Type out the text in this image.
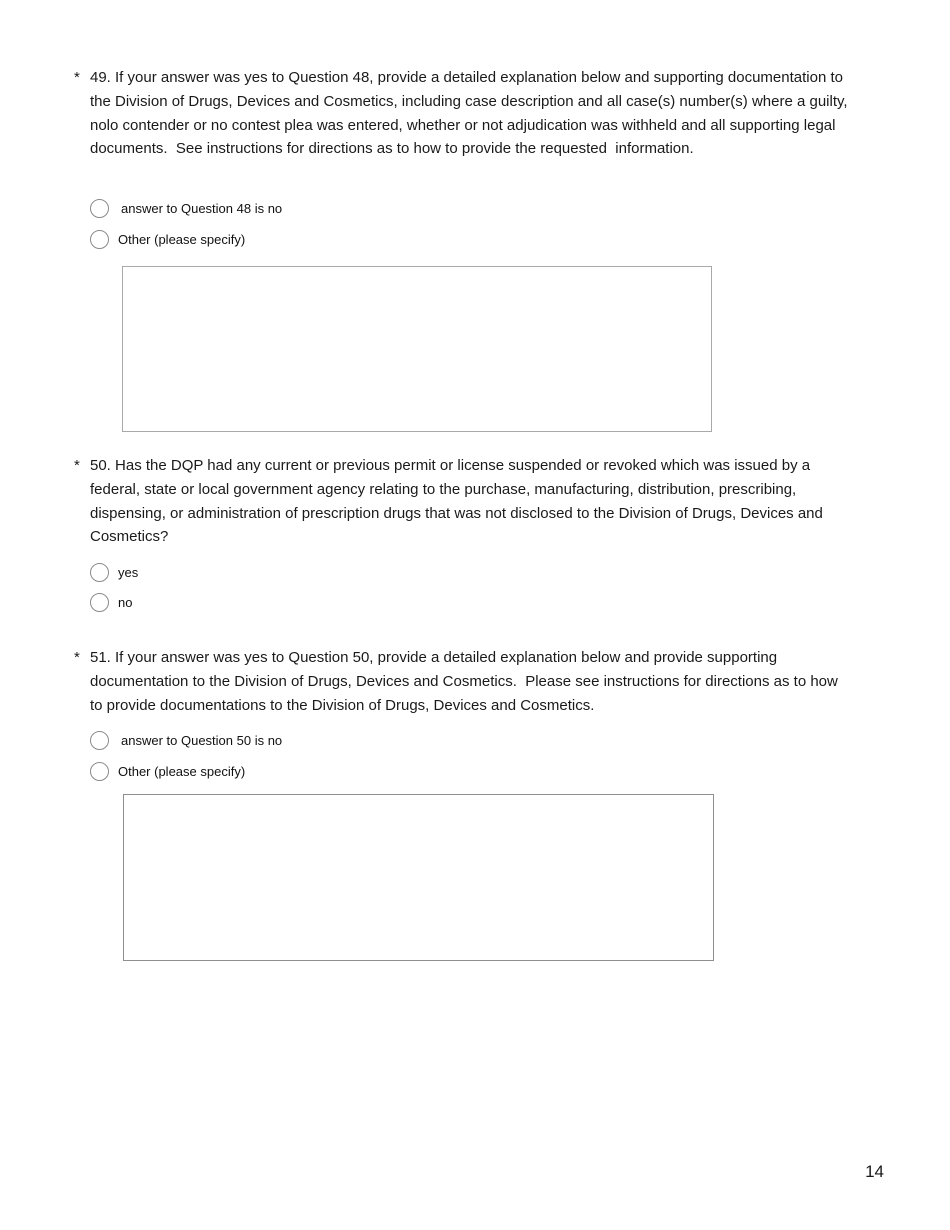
* 49. If your answer was yes to Question 48, provide a detailed explanation below and supporting documentation to the Division of Drugs, Devices and Cosmetics, including case description and all case(s) number(s) where a guilty, nolo contender or no contest plea was entered, whether or not adjudication was withheld and all supporting legal documents.  See instructions for directions as to how to provide the requested  information.
answer to Question 48 is no
Other (please specify)
* 50. Has the DQP had any current or previous permit or license suspended or revoked which was issued by a federal, state or local government agency relating to the purchase, manufacturing, distribution, prescribing, dispensing, or administration of prescription drugs that was not disclosed to the Division of Drugs, Devices and Cosmetics?
yes
no
* 51. If your answer was yes to Question 50, provide a detailed explanation below and provide supporting documentation to the Division of Drugs, Devices and Cosmetics.  Please see instructions for directions as to how to provide documentations to the Division of Drugs, Devices and Cosmetics.
answer to Question 50 is no
Other (please specify)
14
